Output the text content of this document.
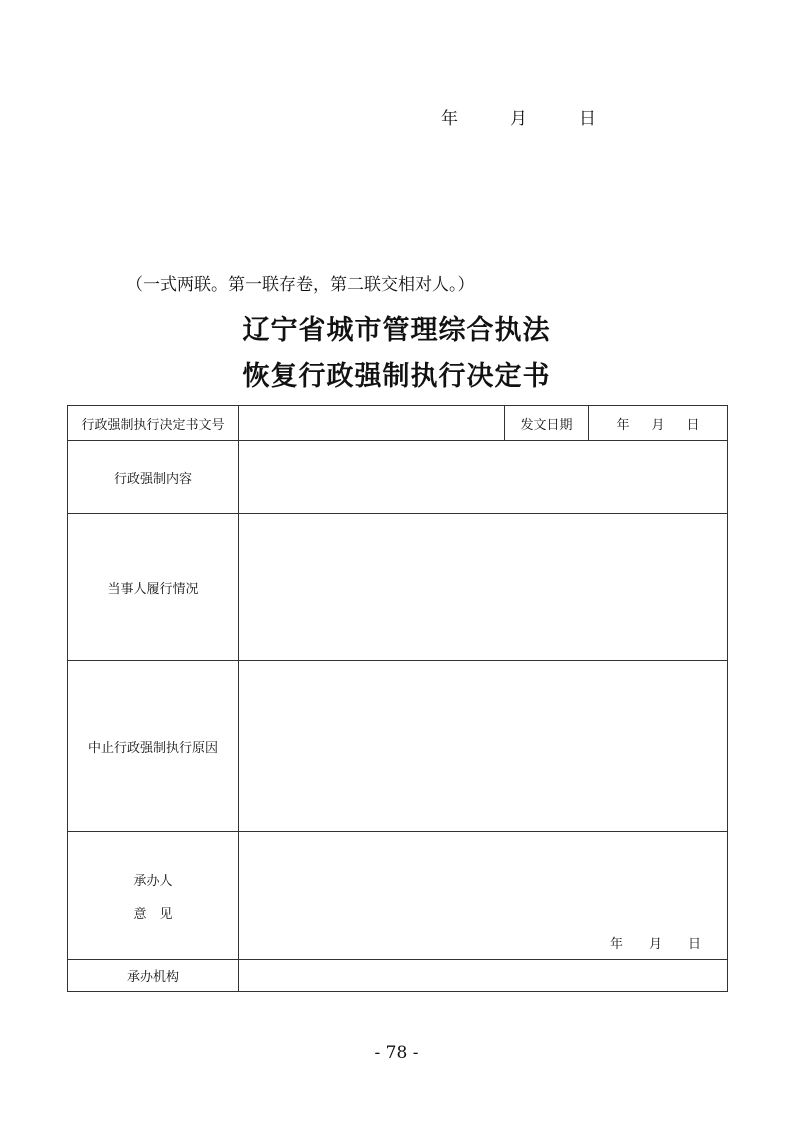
年	月	日
（一式两联。第一联存卷，第二联交相对人。）
辽宁省城市管理综合执法
恢复行政强制执行决定书
行政强制执行决定书文号		发文日期	年 月 日
行政强制内容			
当事人履行情况			
中止行政强制执行原因			

承办人
意　见	年 月 日		

承办机构			
- 78 -
